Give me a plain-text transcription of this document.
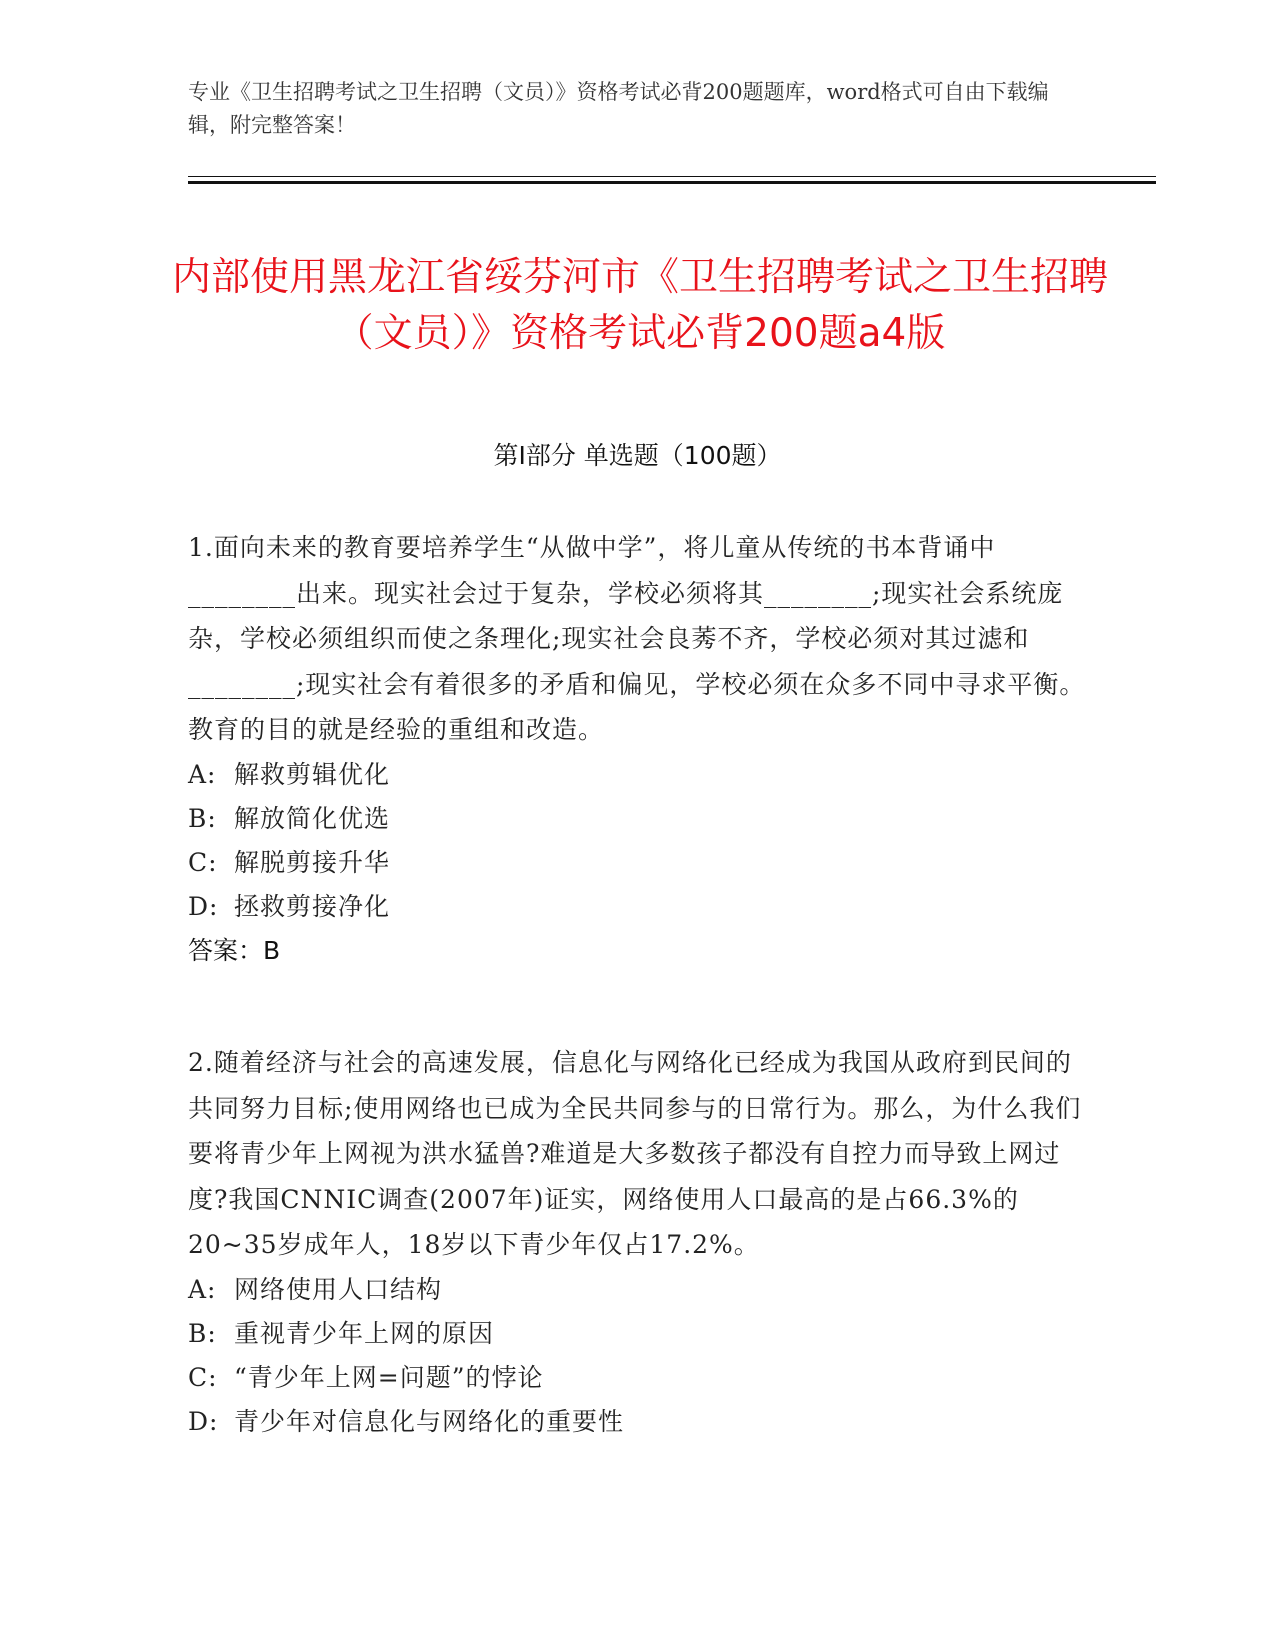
专业《卫生招聘考试之卫生招聘（文员）》资格考试必背200题题库，word格式可自由下载编辑，附完整答案！
内部使用黑龙江省绥芬河市《卫生招聘考试之卫生招聘（文员）》资格考试必背200题a4版
第Ⅰ部分 单选题（100题）
1.面向未来的教育要培养学生“从做中学”，将儿童从传统的书本背诵中________出来。现实社会过于复杂，学校必须将其________;现实社会系统庞杂，学校必须组织而使之条理化;现实社会良莠不齐，学校必须对其过滤和________;现实社会有着很多的矛盾和偏见，学校必须在众多不同中寻求平衡。教育的目的就是经验的重组和改造。
A: 解救剪辑优化
B: 解放简化优选
C: 解脱剪接升华
D: 拯救剪接净化
答案：B
2.随着经济与社会的高速发展，信息化与网络化已经成为我国从政府到民间的共同努力目标;使用网络也已成为全民共同参与的日常行为。那么，为什么我们要将青少年上网视为洪水猛兽?难道是大多数孩子都没有自控力而导致上网过度?我国CNNIC调查(2007年)证实，网络使用人口最高的是占66.3%的20~35岁成年人，18岁以下青少年仅占17.2%。
A: 网络使用人口结构
B: 重视青少年上网的原因
C: “青少年上网=问题”的悖论
D: 青少年对信息化与网络化的重要性
